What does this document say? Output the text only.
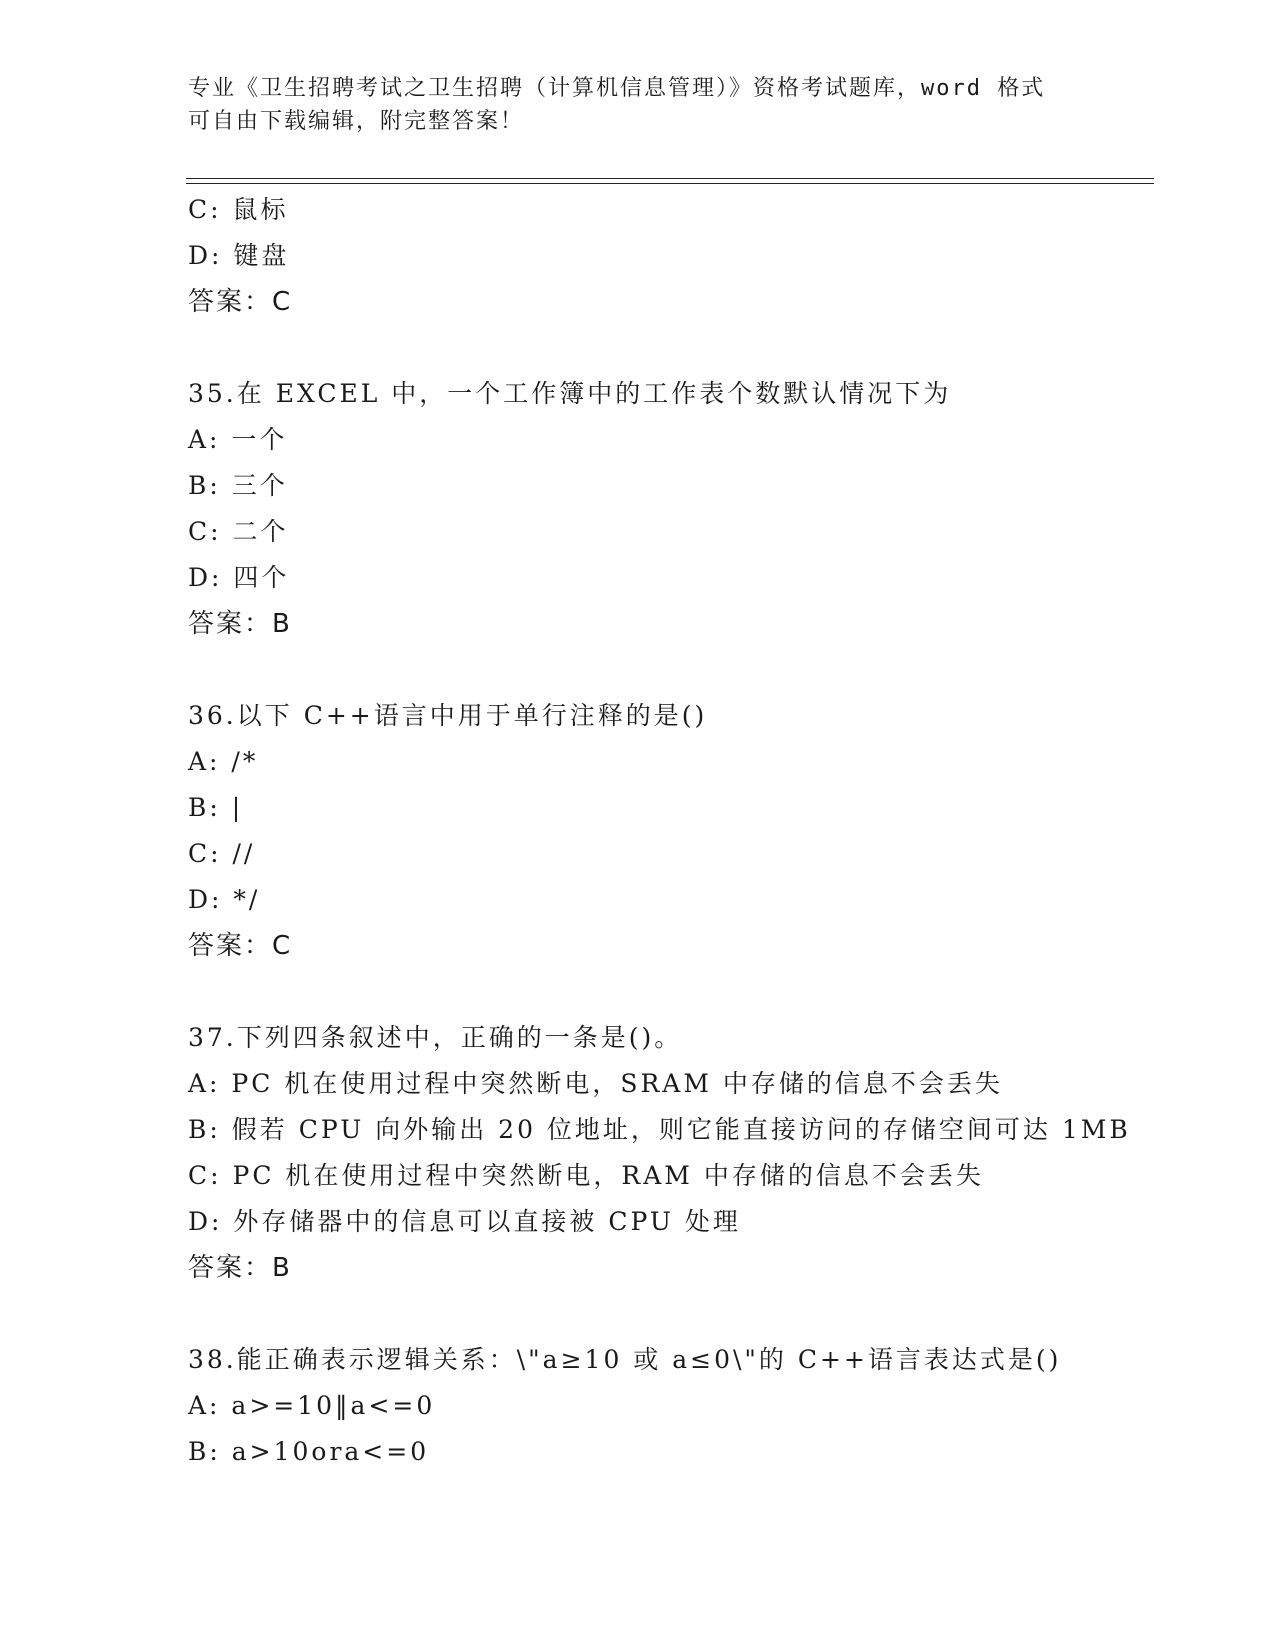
专业《卫生招聘考试之卫生招聘（计算机信息管理）》资格考试题库，word 格式
可自由下载编辑，附完整答案！
C: 鼠标
D: 键盘
答案：C
35.在 EXCEL 中，一个工作簿中的工作表个数默认情况下为
A: 一个
B: 三个
C: 二个
D: 四个
答案：B
36.以下 C++语言中用于单行注释的是()
A: /*
B: |
C: //
D: */
答案：C
37.下列四条叙述中，正确的一条是()。
A: PC 机在使用过程中突然断电，SRAM 中存储的信息不会丢失
B: 假若 CPU 向外输出 20 位地址，则它能直接访问的存储空间可达 1MB
C: PC 机在使用过程中突然断电，RAM 中存储的信息不会丢失
D: 外存储器中的信息可以直接被 CPU 处理
答案：B
38.能正确表示逻辑关系：\"a≥10 或 a≤0\"的 C++语言表达式是()
A: a>=10‖a<=0
B: a>10ora<=0
